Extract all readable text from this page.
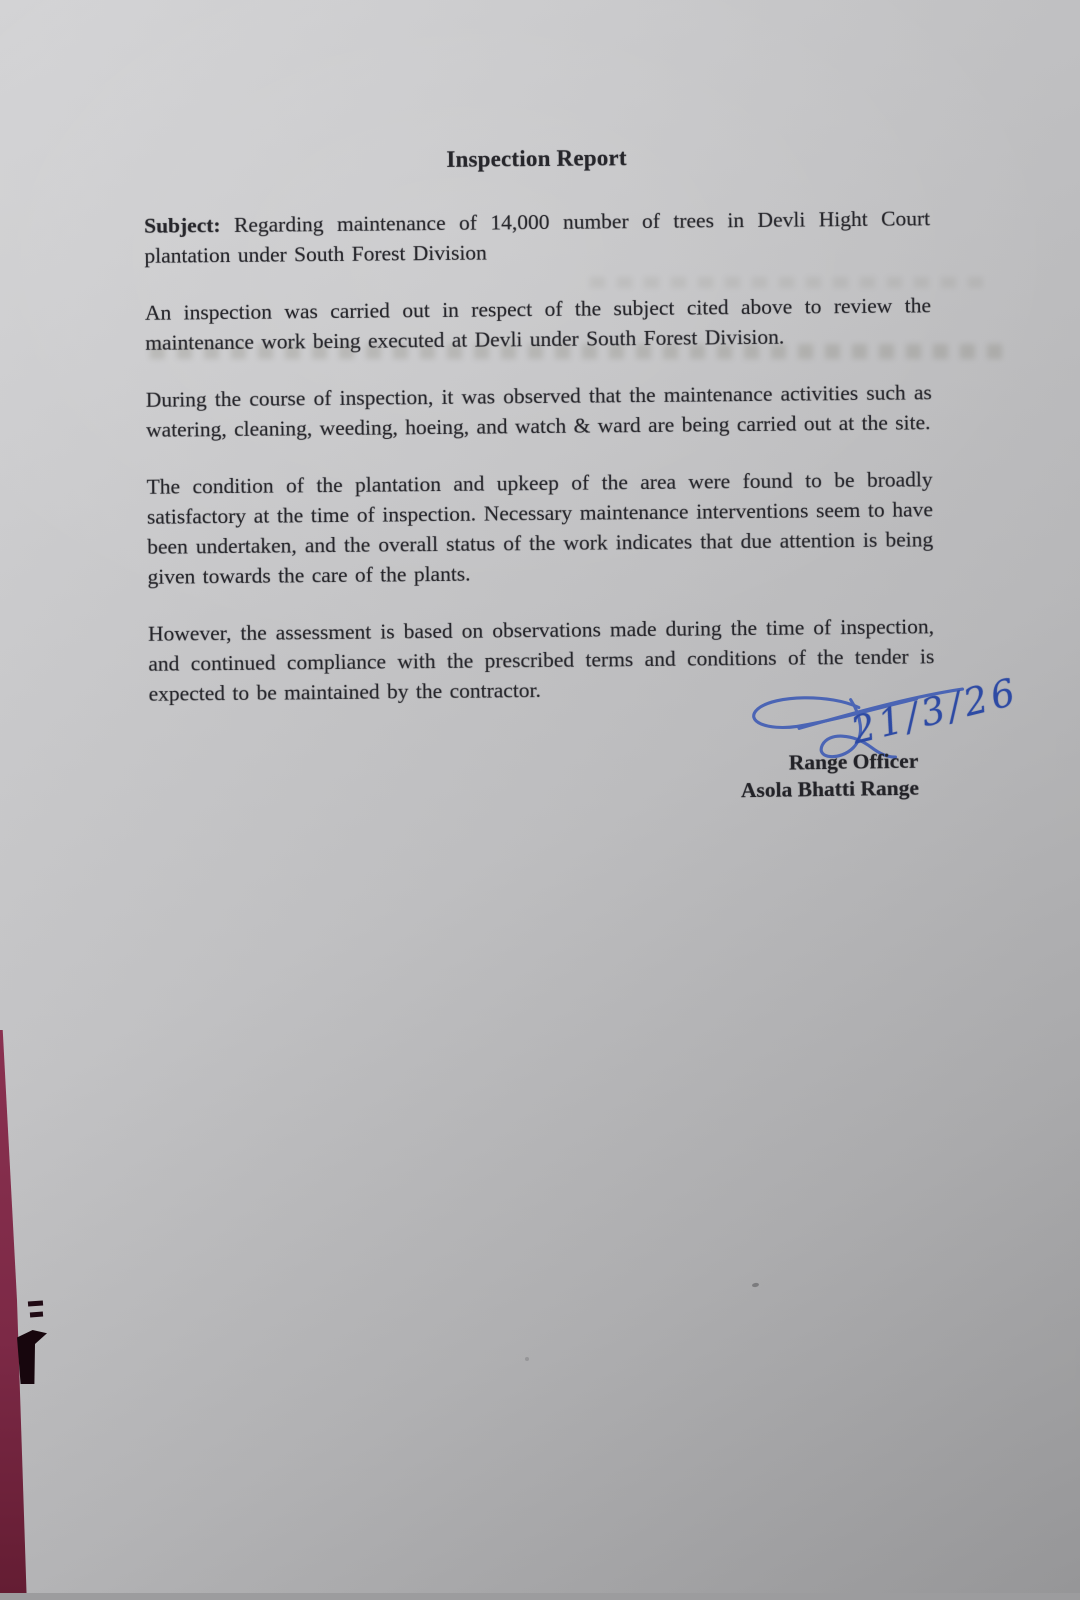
Inspection Report

Subject: Regarding maintenance of 14,000 number of trees in Devli Hight Court plantation under South Forest Division

An inspection was carried out in respect of the subject cited above to review the maintenance work being executed at Devli under South Forest Division.

During the course of inspection, it was observed that the maintenance activities such as watering, cleaning, weeding, hoeing, and watch & ward are being carried out at the site.

The condition of the plantation and upkeep of the area were found to be broadly satisfactory at the time of inspection. Necessary maintenance interventions seem to have been undertaken, and the overall status of the work indicates that due attention is being given towards the care of the plants.

However, the assessment is based on observations made during the time of inspection, and continued compliance with the prescribed terms and conditions of the tender is expected to be maintained by the contractor.	21/3/26
Range Officer
Asola Bhatti Range
